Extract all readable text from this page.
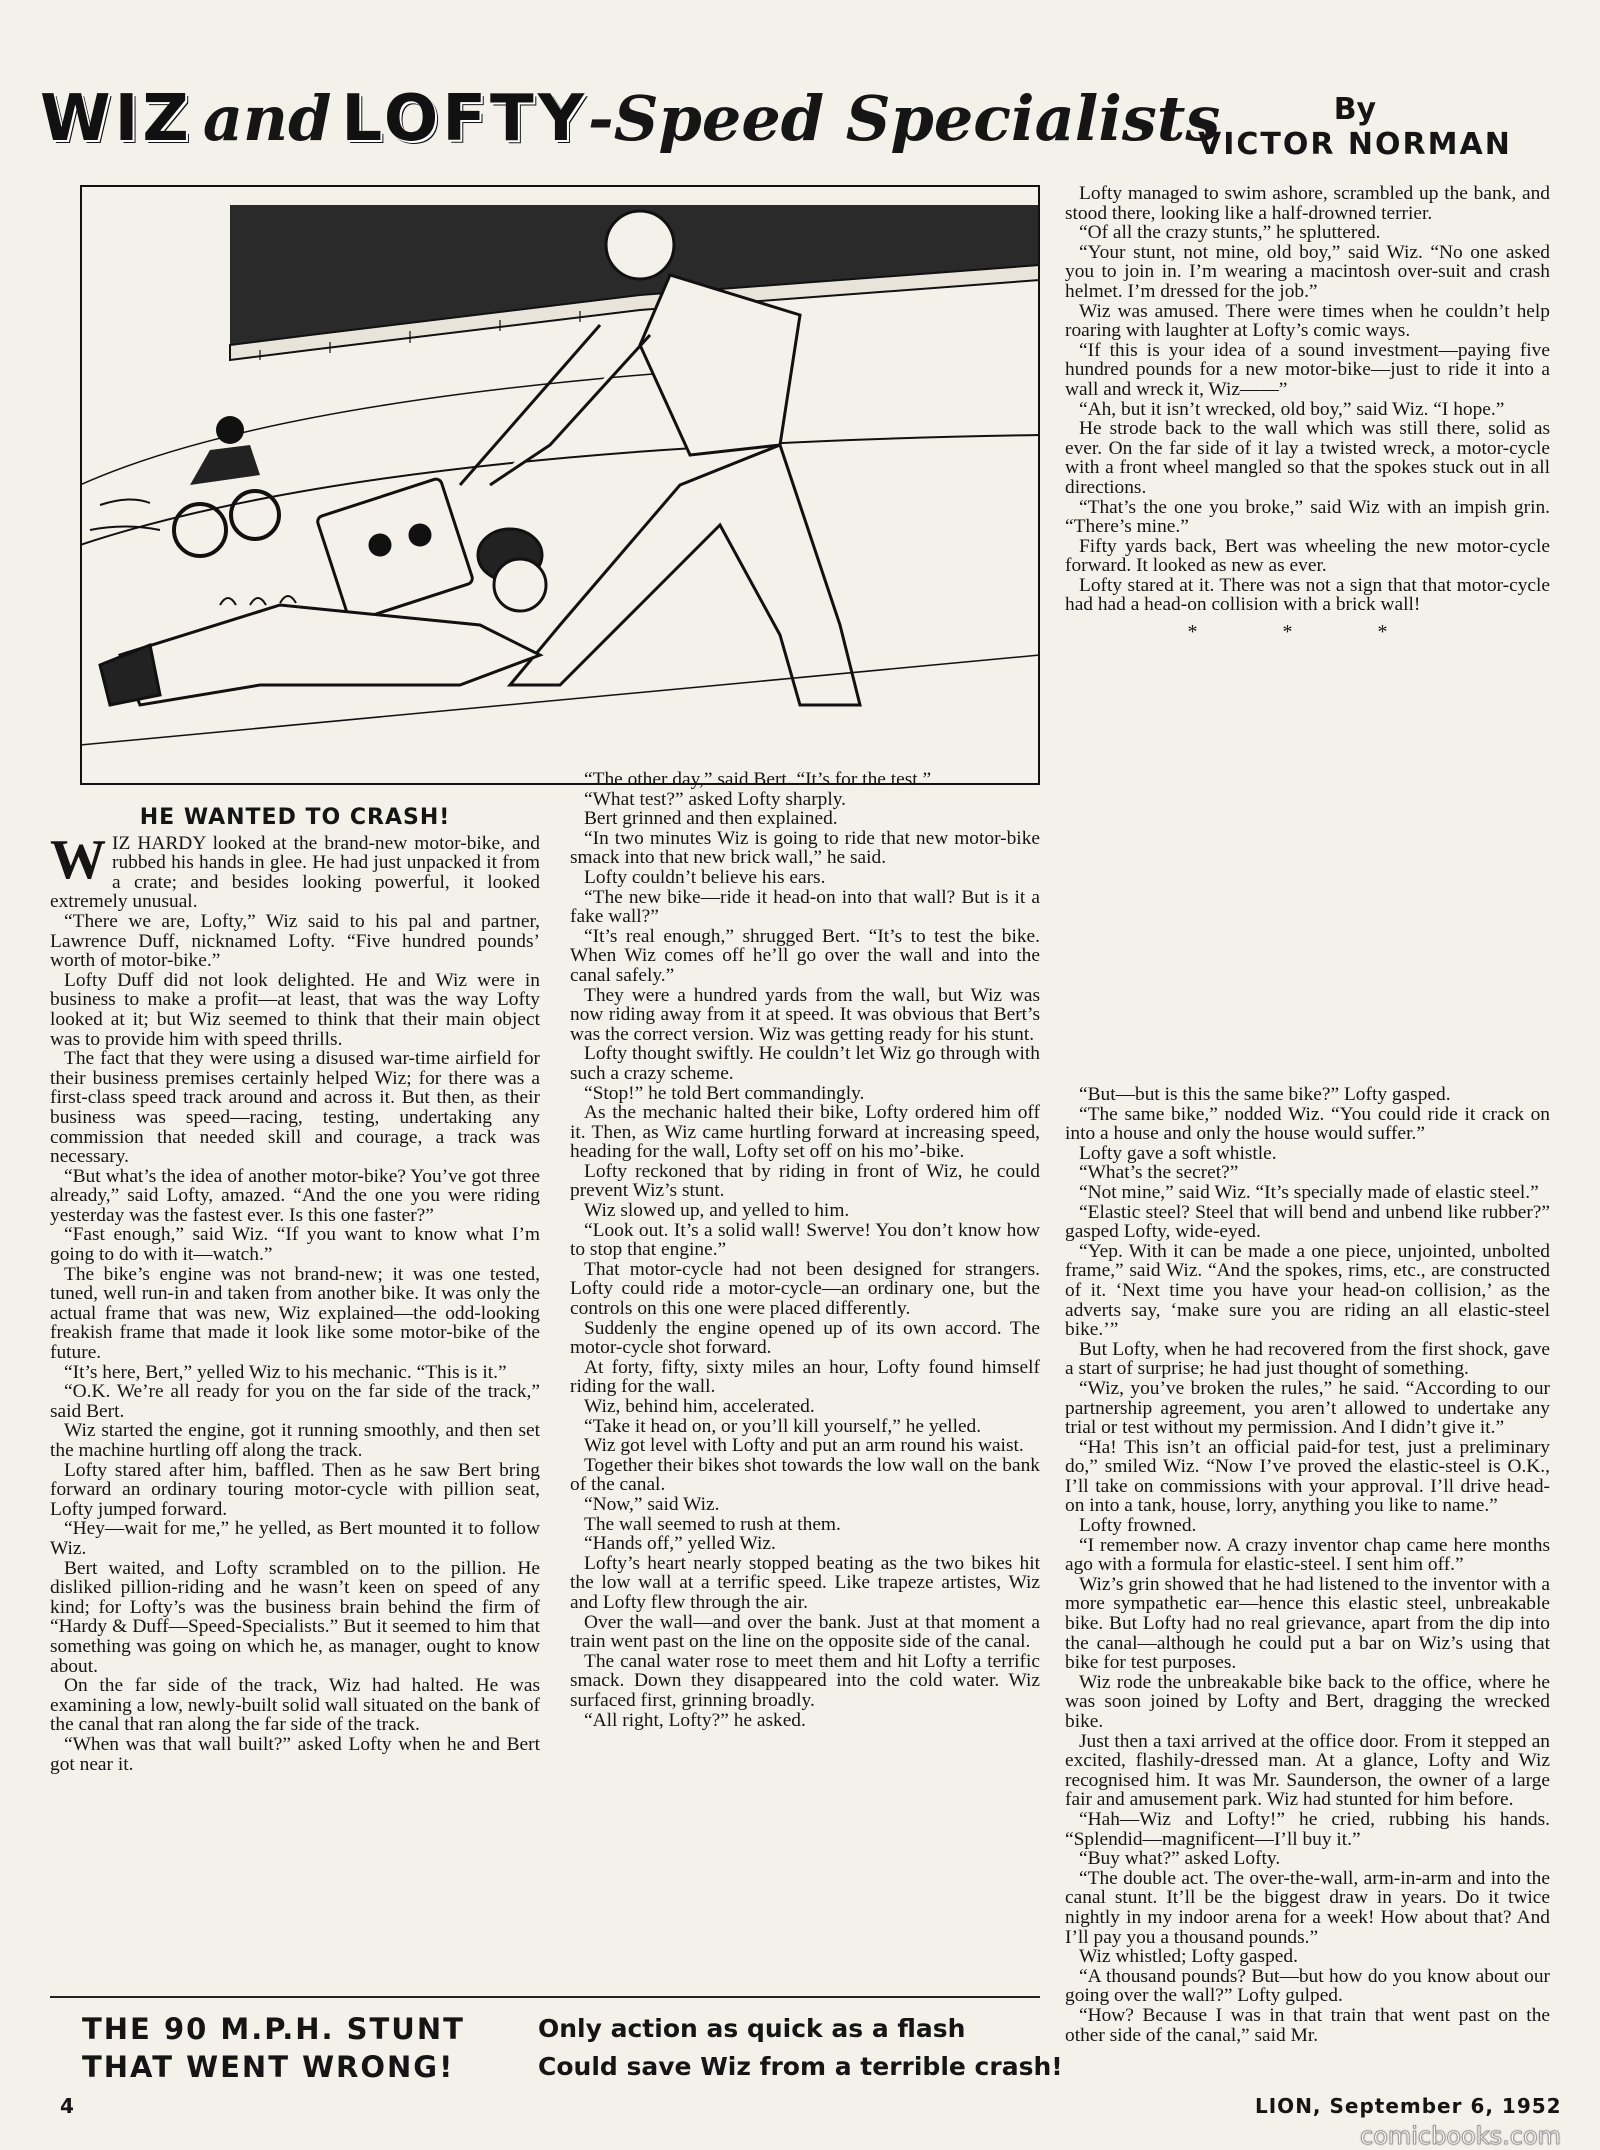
WIZ and LOFTY-Speed Specialists	By
VICTOR NORMAN
HE WANTED TO CRASH!

WIZ HARDY looked at the brand-new motor-bike, and rubbed his hands in glee. He had just unpacked it from a crate; and besides looking powerful, it looked extremely unusual.

“There we are, Lofty,” Wiz said to his pal and partner, Lawrence Duff, nicknamed Lofty. “Five hundred pounds’ worth of motor-bike.”

Lofty Duff did not look delighted. He and Wiz were in business to make a profit—at least, that was the way Lofty looked at it; but Wiz seemed to think that their main object was to provide him with speed thrills.

The fact that they were using a disused war-time airfield for their business premises certainly helped Wiz; for there was a first-class speed track around and across it. But then, as their business was speed—racing, testing, undertaking any commission that needed skill and courage, a track was necessary.

“But what’s the idea of another motor-bike? You’ve got three already,” said Lofty, amazed. “And the one you were riding yesterday was the fastest ever. Is this one faster?”

“Fast enough,” said Wiz. “If you want to know what I’m going to do with it—watch.”

The bike’s engine was not brand-new; it was one tested, tuned, well run-in and taken from another bike. It was only the actual frame that was new, Wiz explained—the odd-looking freakish frame that made it look like some motor-bike of the future.

“It’s here, Bert,” yelled Wiz to his mechanic. “This is it.”

“O.K. We’re all ready for you on the far side of the track,” said Bert.

Wiz started the engine, got it running smoothly, and then set the machine hurtling off along the track.

Lofty stared after him, baffled. Then as he saw Bert bring forward an ordinary touring motor-cycle with pillion seat, Lofty jumped forward.

“Hey—wait for me,” he yelled, as Bert mounted it to follow Wiz.

Bert waited, and Lofty scrambled on to the pillion. He disliked pillion-riding and he wasn’t keen on speed of any kind; for Lofty’s was the business brain behind the firm of “Hardy & Duff—Speed-Specialists.” But it seemed to him that something was going on which he, as manager, ought to know about.

On the far side of the track, Wiz had halted. He was examining a low, newly-built solid wall situated on the bank of the canal that ran along the far side of the track.

“When was that wall built?” asked Lofty when he and Bert got near it.

“The other day,” said Bert. “It’s for the test.”

“What test?” asked Lofty sharply.

Bert grinned and then explained.

“In two minutes Wiz is going to ride that new motor-bike smack into that new brick wall,” he said.

Lofty couldn’t believe his ears.

“The new bike—ride it head-on into that wall? But is it a fake wall?”

“It’s real enough,” shrugged Bert. “It’s to test the bike. When Wiz comes off he’ll go over the wall and into the canal safely.”

They were a hundred yards from the wall, but Wiz was now riding away from it at speed. It was obvious that Bert’s was the correct version. Wiz was getting ready for his stunt.

Lofty thought swiftly. He couldn’t let Wiz go through with such a crazy scheme.

“Stop!” he told Bert commandingly.

As the mechanic halted their bike, Lofty ordered him off it. Then, as Wiz came hurtling forward at increasing speed, heading for the wall, Lofty set off on his mo’-bike.

Lofty reckoned that by riding in front of Wiz, he could prevent Wiz’s stunt.

Wiz slowed up, and yelled to him.

“Look out. It’s a solid wall! Swerve! You don’t know how to stop that engine.”

That motor-cycle had not been designed for strangers. Lofty could ride a motor-cycle—an ordinary one, but the controls on this one were placed differently.

Suddenly the engine opened up of its own accord. The motor-cycle shot forward.

At forty, fifty, sixty miles an hour, Lofty found himself riding for the wall.

Wiz, behind him, accelerated.

“Take it head on, or you’ll kill yourself,” he yelled.

Wiz got level with Lofty and put an arm round his waist.

Together their bikes shot towards the low wall on the bank of the canal.

“Now,” said Wiz.

The wall seemed to rush at them.

“Hands off,” yelled Wiz.

Lofty’s heart nearly stopped beating as the two bikes hit the low wall at a terrific speed. Like trapeze artistes, Wiz and Lofty flew through the air.

Over the wall—and over the bank. Just at that moment a train went past on the line on the opposite side of the canal.

The canal water rose to meet them and hit Lofty a terrific smack. Down they disappeared into the cold water. Wiz surfaced first, grinning broadly.

“All right, Lofty?” he asked.

Lofty managed to swim ashore, scrambled up the bank, and stood there, looking like a half-drowned terrier.

“Of all the crazy stunts,” he spluttered.

“Your stunt, not mine, old boy,” said Wiz. “No one asked you to join in. I’m wearing a macintosh over-suit and crash helmet. I’m dressed for the job.”

Wiz was amused. There were times when he couldn’t help roaring with laughter at Lofty’s comic ways.

“If this is your idea of a sound investment—paying five hundred pounds for a new motor-bike—just to ride it into a wall and wreck it, Wiz——”

“Ah, but it isn’t wrecked, old boy,” said Wiz. “I hope.”

He strode back to the wall which was still there, solid as ever. On the far side of it lay a twisted wreck, a motor-cycle with a front wheel mangled so that the spokes stuck out in all directions.

“That’s the one you broke,” said Wiz with an impish grin. “There’s mine.”

Fifty yards back, Bert was wheeling the new motor-cycle forward. It looked as new as ever.

Lofty stared at it. There was not a sign that that motor-cycle had had a head-on collision with a brick wall!

* * *

“But—but is this the same bike?” Lofty gasped.

“The same bike,” nodded Wiz. “You could ride it crack on into a house and only the house would suffer.”

Lofty gave a soft whistle.

“What’s the secret?”

“Not mine,” said Wiz. “It’s specially made of elastic steel.”

“Elastic steel? Steel that will bend and unbend like rubber?” gasped Lofty, wide-eyed.

“Yep. With it can be made a one piece, unjointed, unbolted frame,” said Wiz. “And the spokes, rims, etc., are constructed of it. ‘Next time you have your head-on collision,’ as the adverts say, ‘make sure you are riding an all elastic-steel bike.’”

But Lofty, when he had recovered from the first shock, gave a start of surprise; he had just thought of something.

“Wiz, you’ve broken the rules,” he said. “According to our partnership agreement, you aren’t allowed to undertake any trial or test without my permission. And I didn’t give it.”

“Ha! This isn’t an official paid-for test, just a preliminary do,” smiled Wiz. “Now I’ve proved the elastic-steel is O.K., I’ll take on commissions with your approval. I’ll drive head-on into a tank, house, lorry, anything you like to name.”

Lofty frowned.

“I remember now. A crazy inventor chap came here months ago with a formula for elastic-steel. I sent him off.”

Wiz’s grin showed that he had listened to the inventor with a more sympathetic ear—hence this elastic steel, unbreakable bike. But Lofty had no real grievance, apart from the dip into the canal—although he could put a bar on Wiz’s using that bike for test purposes.

Wiz rode the unbreakable bike back to the office, where he was soon joined by Lofty and Bert, dragging the wrecked bike.

Just then a taxi arrived at the office door. From it stepped an excited, flashily-dressed man. At a glance, Lofty and Wiz recognised him. It was Mr. Saunderson, the owner of a large fair and amusement park. Wiz had stunted for him before.

“Hah—Wiz and Lofty!” he cried, rubbing his hands. “Splendid—magnificent—I’ll buy it.”

“Buy what?” asked Lofty.

“The double act. The over-the-wall, arm-in-arm and into the canal stunt. It’ll be the biggest draw in years. Do it twice nightly in my indoor arena for a week! How about that? And I’ll pay you a thousand pounds.”

Wiz whistled; Lofty gasped.

“A thousand pounds? But—but how do you know about our going over the wall?” Lofty gulped.

“How? Because I was in that train that went past on the other side of the canal,” said Mr.

THE 90 M.P.H. STUNT
THAT WENT WRONG!
Only action as quick as a flash
Could save Wiz from a terrible crash!
4	LION, September 6, 1952
comicbooks.com
